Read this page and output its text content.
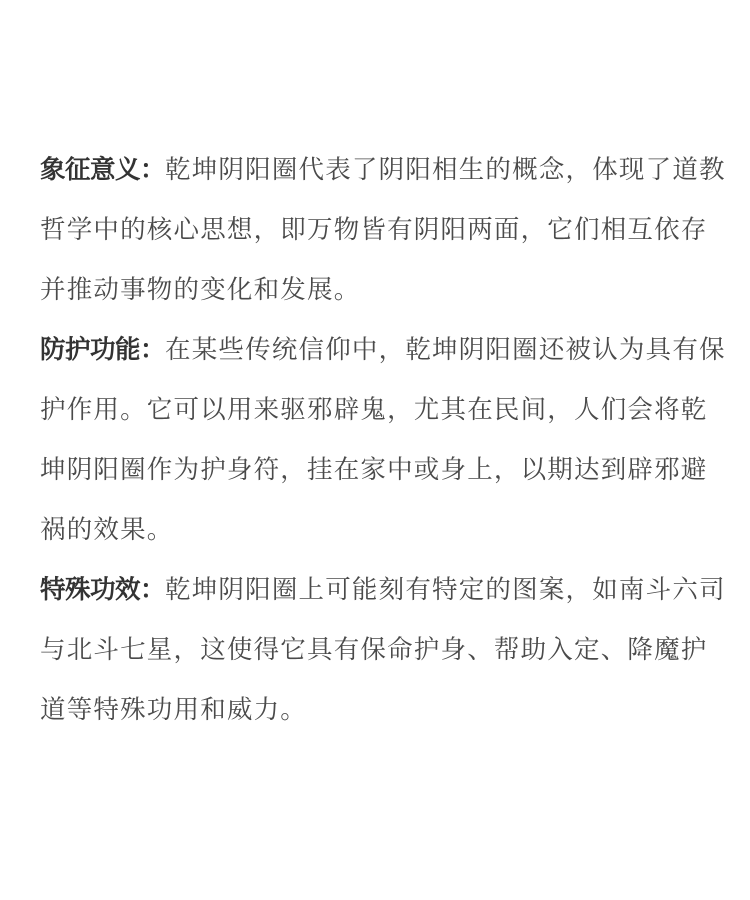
象征意义：乾坤阴阳圈代表了阴阳相生的概念，体现了道教哲学中的核心思想，即万物皆有阴阳两面，它们相互依存并推动事物的变化和发展。

防护功能：在某些传统信仰中，乾坤阴阳圈还被认为具有保护作用。它可以用来驱邪辟鬼，尤其在民间，人们会将乾坤阴阳圈作为护身符，挂在家中或身上，以期达到辟邪避祸的效果。

特殊功效：乾坤阴阳圈上可能刻有特定的图案，如南斗六司与北斗七星，这使得它具有保命护身、帮助入定、降魔护道等特殊功用和威力。
